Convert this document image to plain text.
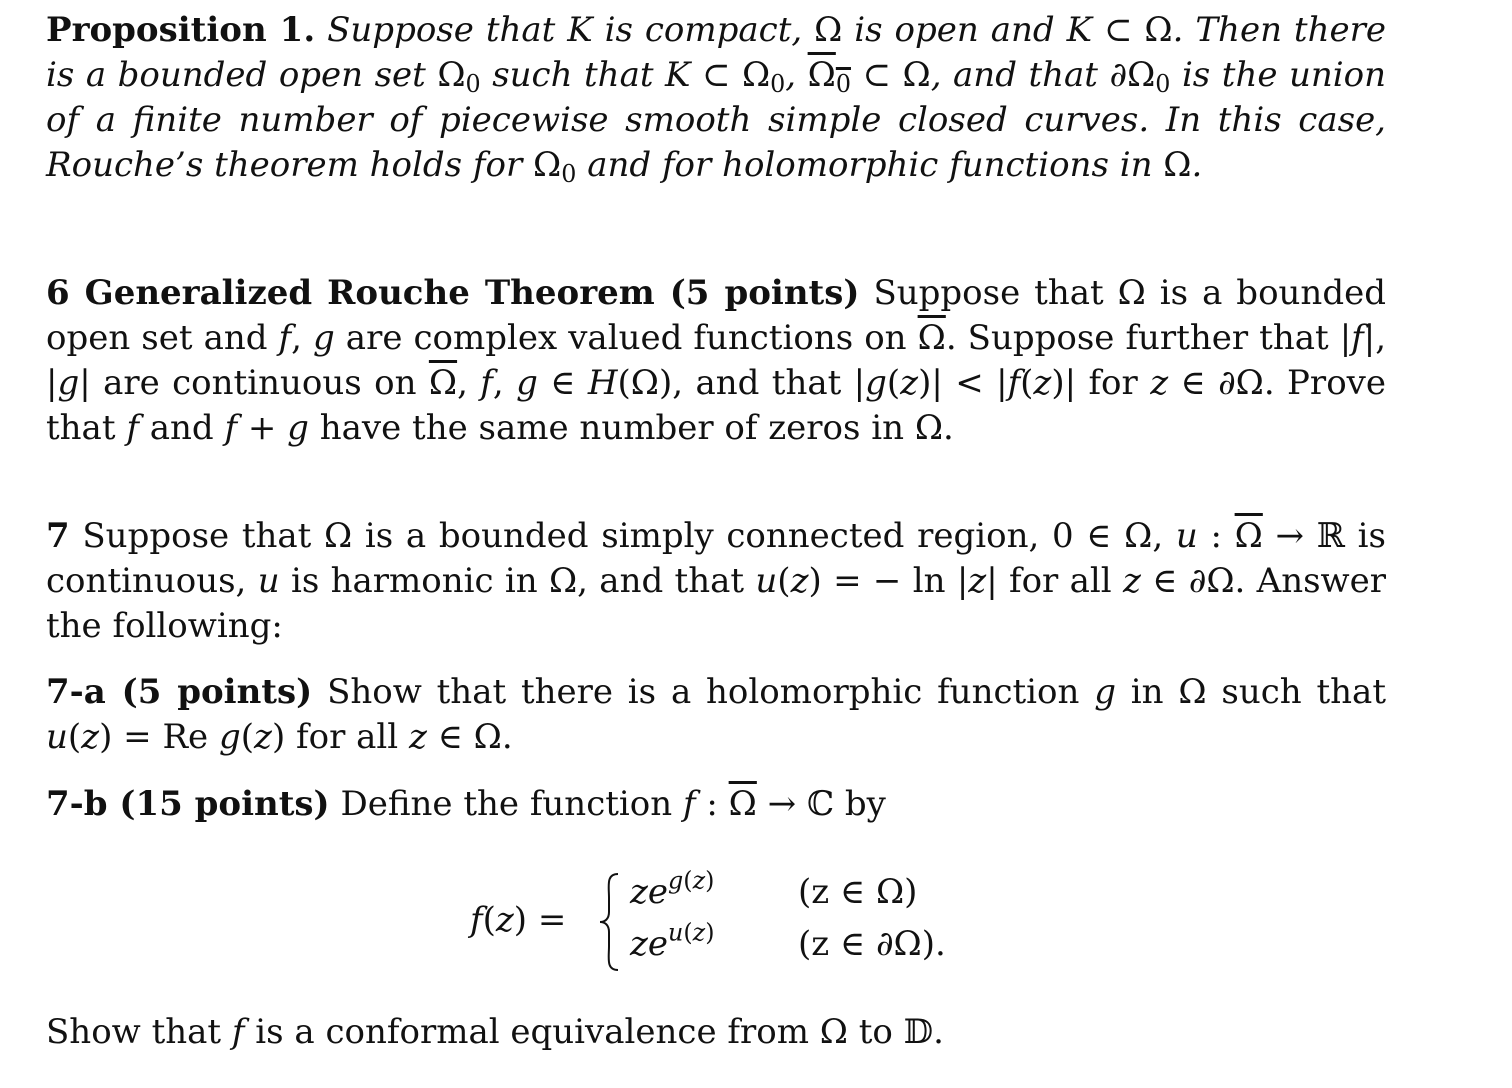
Proposition 1. Suppose that K is compact, Ω is open and K ⊂ Ω. Then there is a bounded open set $\Omega_0$ such that K ⊂ $\Omega_0$, $\Omega_0$ ⊂ Ω, and that $\partial\Omega_0$ is the union of a finite number of piecewise smooth simple closed curves. In this case, Rouche’s theorem holds for $\Omega_0$ and for holomorphic functions in Ω.
6 Generalized Rouche Theorem (5 points) Suppose that Ω is a bounded open set and f, g are complex valued functions on $\overline{\Omega}$. Suppose further that |f|, |g| are continuous on $\overline{\Omega}$, f, g ∈ H(Ω), and that |g(z)| < |f(z)| for z ∈ ∂Ω. Prove that f and f + g have the same number of zeros in Ω.
7 Suppose that Ω is a bounded simply connected region, 0 ∈ Ω, u : $\overline{\Omega}$ → ℝ is continuous, u is harmonic in Ω, and that u(z) = − ln |z| for all z ∈ ∂Ω. Answer the following:
7-a (5 points) Show that there is a holomorphic function g in Ω such that u(z) = Re g(z) for all z ∈ Ω.
7-b (15 points) Define the function f : $\overline{\Omega}$ → ℂ by
f(z) =
$ze^{g(z)}$ (z ∈ Ω)
$ze^{u(z)}$ (z ∈ ∂Ω).
Show that f is a conformal equivalence from Ω to 𝔻.
